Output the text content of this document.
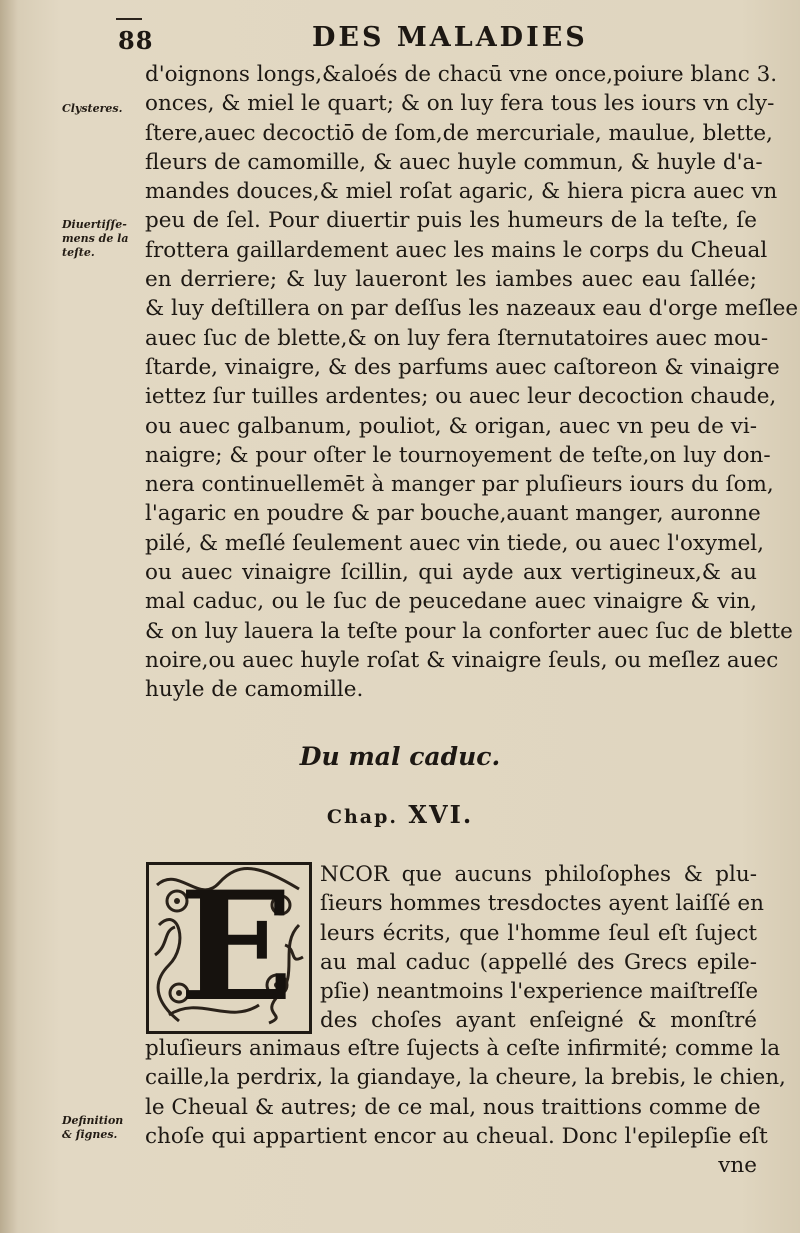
88	DES MALADIES
Clysteres.
Diuertiſſe-
mens de la
teſte.
Definition
& ſignes.
d'oignons longs,&aloés de chacū vne once,poiure blanc 3.
onces, & miel le quart; & on luy fera tous les iours vn cly-
ſtere,auec decoctiō de ſom,de mercuriale, maulue, blette,
fleurs de camomille, & auec huyle commun, & huyle d'a-
mandes douces,& miel roſat agaric, & hiera picra auec vn
peu de ſel. Pour diuertir puis les humeurs de la teſte, ſe
frottera gaillardement auec les mains le corps du Cheual
en derriere; & luy laueront les iambes auec eau ſallée;
& luy deſtillera on par deſſus les nazeaux eau d'orge meſlee
auec ſuc de blette,& on luy fera ſternutatoires auec mou-
ſtarde, vinaigre, & des parfums auec caſtoreon & vinaigre
iettez ſur tuilles ardentes; ou auec leur decoction chaude,
ou auec galbanum, pouliot, & origan, auec vn peu de vi-
naigre; & pour oſter le tournoyement de teſte,on luy don-
nera continuellemēt à manger par pluſieurs iours du ſom,
l'agaric en poudre & par bouche,auant manger, auronne
pilé, & meſlé ſeulement auec vin tiede, ou auec l'oxymel,
ou auec vinaigre ſcillin, qui ayde aux vertigineux,& au
mal caduc, ou le ſuc de peucedane auec vinaigre & vin,
& on luy lauera la teſte pour la conforter auec ſuc de blette
noire,ou auec huyle roſat & vinaigre ſeuls, ou meſlez auec
huyle de camomille.
Du mal caduc.
Chap. XVI.
E NCOR que aucuns philoſophes & plu-
ſieurs hommes tresdoctes ayent laiſſé en
leurs écrits, que l'homme ſeul eſt ſuject
au mal caduc (appellé des Grecs epile-
pſie) neantmoins l'experience maiſtreſſe
des choſes ayant enſeigné & monſtré
pluſieurs animaus eſtre ſujects à ceſte infirmité; comme la
caille,la perdrix, la giandaye, la cheure, la brebis, le chien,
le Cheual & autres; de ce mal, nous traittions comme de
choſe qui appartient encor au cheual. Donc l'epilepſie eſt
vne
